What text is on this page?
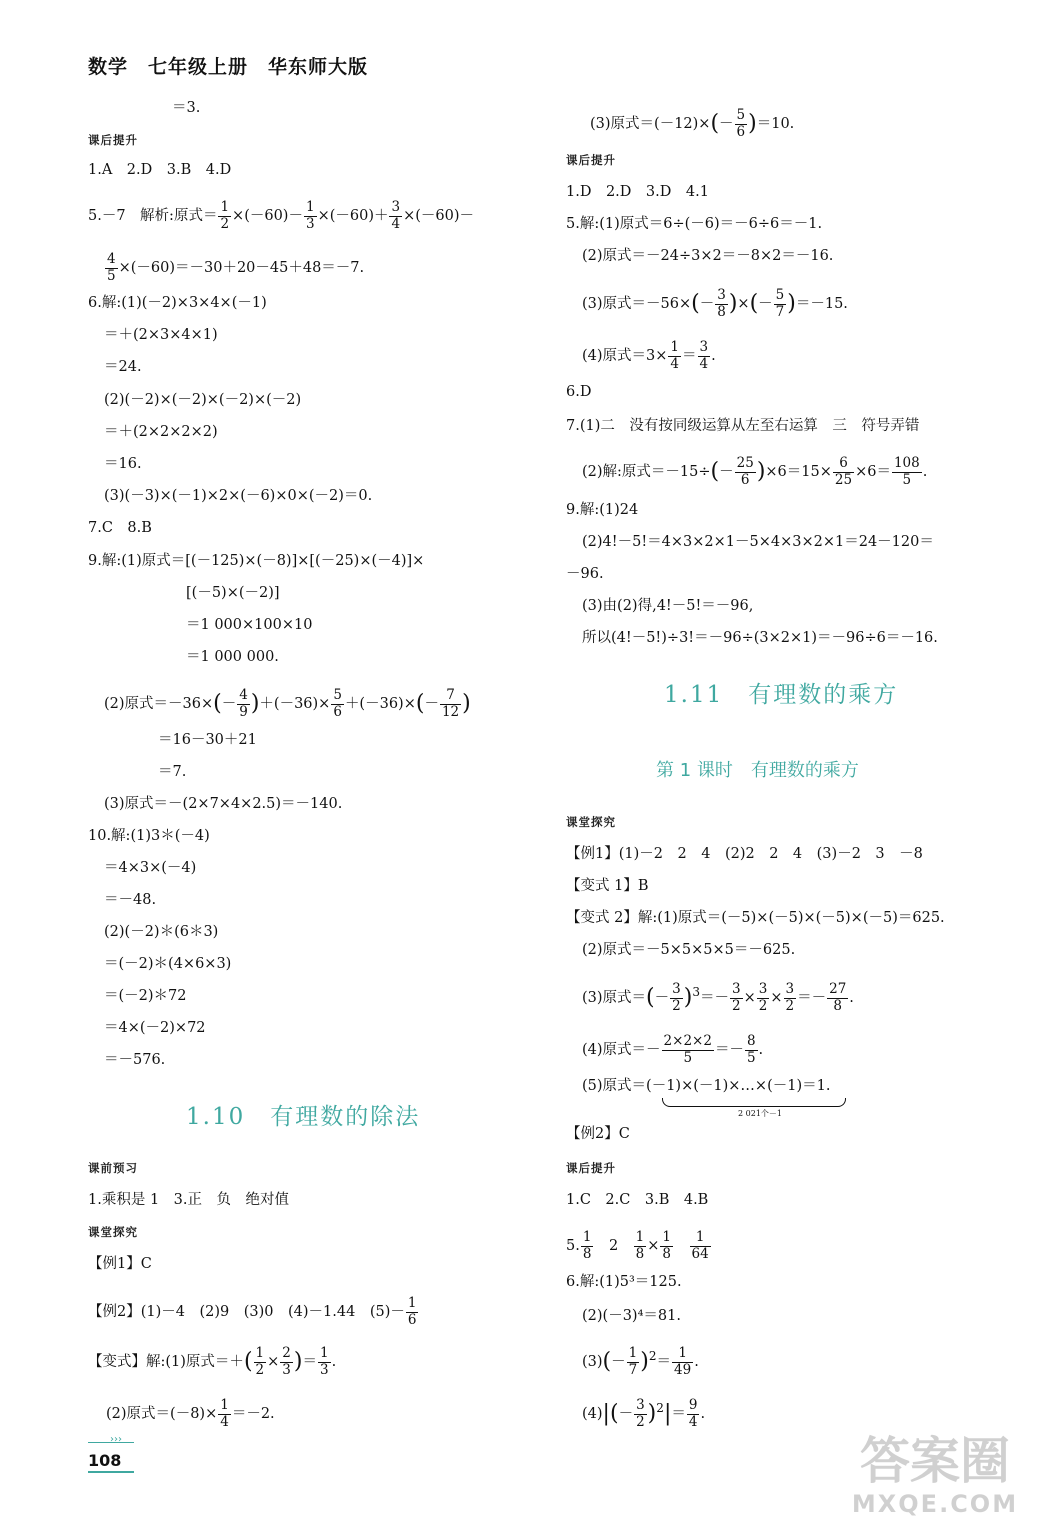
数学　七年级上册　华东师大版
＝3.
课后提升
1.A　2.D　3.B　4.D
5.－7　解析:原式＝ $\frac{1}{2} \times(-60)- \frac{1}{3} \times(-60)+ \frac{3}{4} \times(-60)-$
$\frac{4}{5} \times(-60)=-30+20-45+48=-7$.
6.解:(1)(－2)×3×4×(－1)
＝＋(2×3×4×1)
＝24.
(2)(－2)×(－2)×(－2)×(－2)
＝＋(2×2×2×2)
＝16.
(3)(－3)×(－1)×2×(－6)×0×(－2)＝0.
7.C　8.B
9.解:(1)原式＝[(－125)×(－8)]×[(－25)×(－4)]×
[(－5)×(－2)]
＝1 000×100×10
＝1 000 000.
(2)原式$=-36\times(- \frac{4}{9} )+(-36)\times \frac{5}{6} +(-36)\times(- \frac{7}{12}$ )
＝16－30＋21
＝7.
(3)原式＝－(2×7×4×2.5)＝－140.
10.解:(1)3＊(－4)
＝4×3×(－4)
＝－48.
(2)(－2)＊(6＊3)
＝(－2)＊(4×6×3)
＝(－2)＊72
＝4×(－2)×72
＝－576.
1.10　有理数的除法
课前预习
1.乘积是 1　3.正　负　绝对值
课堂探究
【例1】C
【例2】(1)－4　(2)9　(3)0　(4)－1.44　$(5)- \frac{1}{6}$
【变式】解:(1)原式＝＋( $\frac{1}{2} \times \frac{2}{3}$ )＝ $\frac{1}{3}$ .
(2)原式$=(-8)\times \frac{1}{4} =-2$.
(3)原式$=(-12)\times(- \frac{5}{6} )=10$.
课后提升
1.D　2.D　3.D　4.1
5.解:(1)原式＝6÷(－6)＝－6÷6＝－1.
(2)原式＝－24÷3×2＝－8×2＝－16.
(3)原式$=-56\times(- \frac{3}{8}$ )×(－ $\frac{5}{7} )=-15$.
(4)原式$=3\times \frac{1}{4} = \frac{3}{4}$ .
6.D
7.(1)二　没有按同级运算从左至右运算　三　符号弄错
(2)解:原式$=-15\div(- \frac{25}{6} )\times 6=15\times \frac{6}{25} \times 6= \frac{108}{5}$ .
9.解:(1)24
(2)4!－5!＝4×3×2×1－5×4×3×2×1＝24－120＝
－96.
(3)由(2)得,4!－5!＝－96,
所以(4!－5!)÷3!＝－96÷(3×2×1)＝－96÷6＝－16.
1.11　有理数的乘方
第 1 课时　有理数的乘方
课堂探究
【例1】(1)－2　2　4　(2)2　2　4　(3)－2　3　－8
【变式 1】B
【变式 2】解:(1)原式＝(－5)×(－5)×(－5)×(－5)＝625.
(2)原式＝－5×5×5×5＝－625.
(3)原式＝(－ $\frac{3}{2} )^3=- \frac{3}{2} \times \frac{3}{2} \times \frac{3}{2} =- \frac{27}{8}$ .
(4)原式＝－ $\frac{2\times 2\times 2}{5} =- \frac{8}{5}$ .
(5)原式＝(－1)×(－1)×…×(－1)＝1.
2 021个－1
【例2】C
课后提升
1.C　2.C　3.B　4.B
5. $\frac{1}{8}$
　 2　 $\frac{1}{8} \times \frac{1}{8}$
　 $\frac{1}{64}$
6.解:(1)5³＝125.
(2)(－3)⁴＝81.
$(3)(- \frac{1}{7} )^2= \frac{1}{49}$ .
$(4)|(- \frac{3}{2} )^2|= \frac{9}{4}$ .
›››
108	答案圈
MXQE.COM
